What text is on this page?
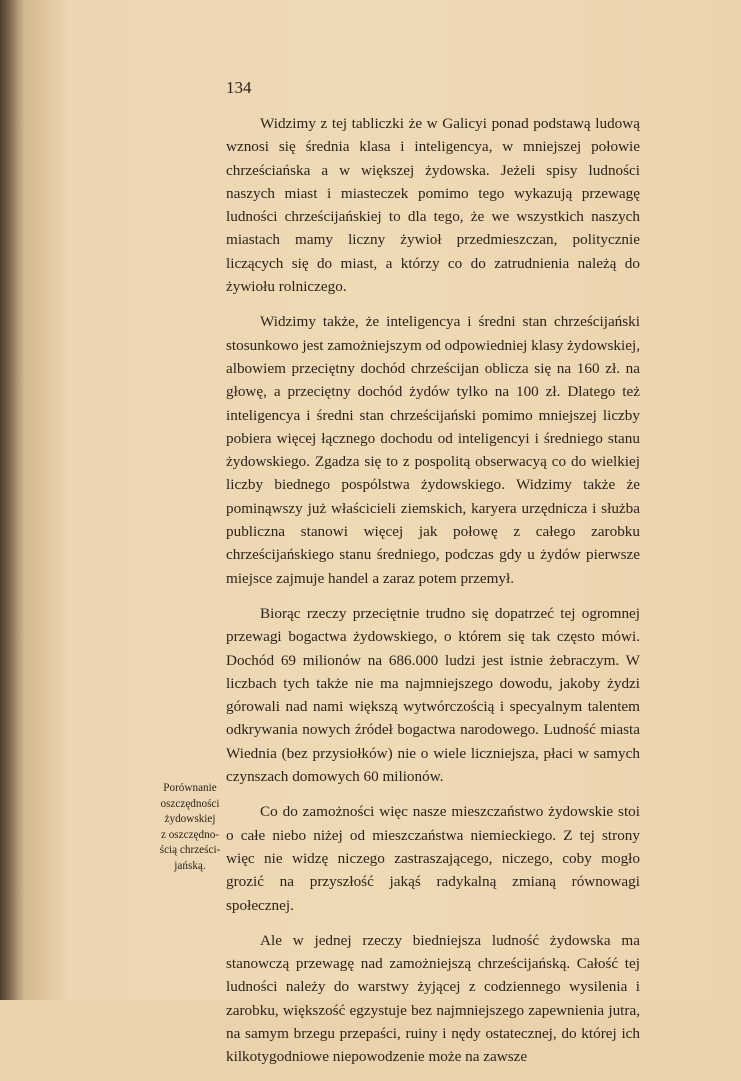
134

Widzimy z tej tabliczki że w Galicyi ponad podstawą ludową wznosi się średnia klasa i inteligencya, w mniejszej połowie chrześciańska a w większej żydowska. Jeżeli spisy ludności naszych miast i miasteczek pomimo tego wykazują przewagę ludności chrześcijańskiej to dla tego, że we wszystkich naszych miastach mamy liczny żywioł przedmieszczan, politycznie liczących się do miast, a którzy co do zatrudnienia należą do żywiołu rolniczego.

Widzimy także, że inteligencya i średni stan chrześcijański stosunkowo jest zamożniejszym od odpowiedniej klasy żydowskiej, albowiem przeciętny dochód chrześcijan oblicza się na 160 zł. na głowę, a przeciętny dochód żydów tylko na 100 zł. Dlatego też inteligencya i średni stan chrześcijański pomimo mniejszej liczby pobiera więcej łącznego dochodu od inteligencyi i średniego stanu żydowskiego. Zgadza się to z pospolitą obserwacyą co do wielkiej liczby biednego pospólstwa żydowskiego. Widzimy także że pominąwszy już właścicieli ziemskich, karyera urzędnicza i służba publiczna stanowi więcej jak połowę z całego zarobku chrześcijańskiego stanu średniego, podczas gdy u żydów pierwsze miejsce zajmuje handel a zaraz potem przemył.

Biorąc rzeczy przeciętnie trudno się dopatrzeć tej ogromnej przewagi bogactwa żydowskiego, o którem się tak często mówi. Dochód 69 milionów na 686.000 ludzi jest istnie żebraczym. W liczbach tych także nie ma najmniejszego dowodu, jakoby żydzi górowali nad nami większą wytwórczością i specyalnym talentem odkrywania nowych źródeł bogactwa narodowego. Ludność miasta Wiednia (bez przysiołków) nie o wiele liczniejsza, płaci w samych czynszach domowych 60 milionów.

Co do zamożności więc nasze mieszczaństwo żydowskie stoi o całe niebo niżej od mieszczaństwa niemieckiego. Z tej strony więc nie widzę niczego zastraszającego, niczego, coby mogło grozić na przyszłość jakąś radykalną zmianą równowagi społecznej.

Ale w jednej rzeczy biedniejsza ludność żydowska ma stanowczą przewagę nad zamożniejszą chrześcijańską. Całość tej ludności należy do warstwy żyjącej z codziennego wysilenia i zarobku, większość egzystuje bez najmniejszego zapewnienia jutra, na samym brzegu przepaści, ruiny i nędy ostatecznej, do której ich kilkotygodniowe niepowodzenie może na zawsze

Porównanie
oszczędności
żydowskiej
z oszczędno-
ścią chrześci-
jańską.
